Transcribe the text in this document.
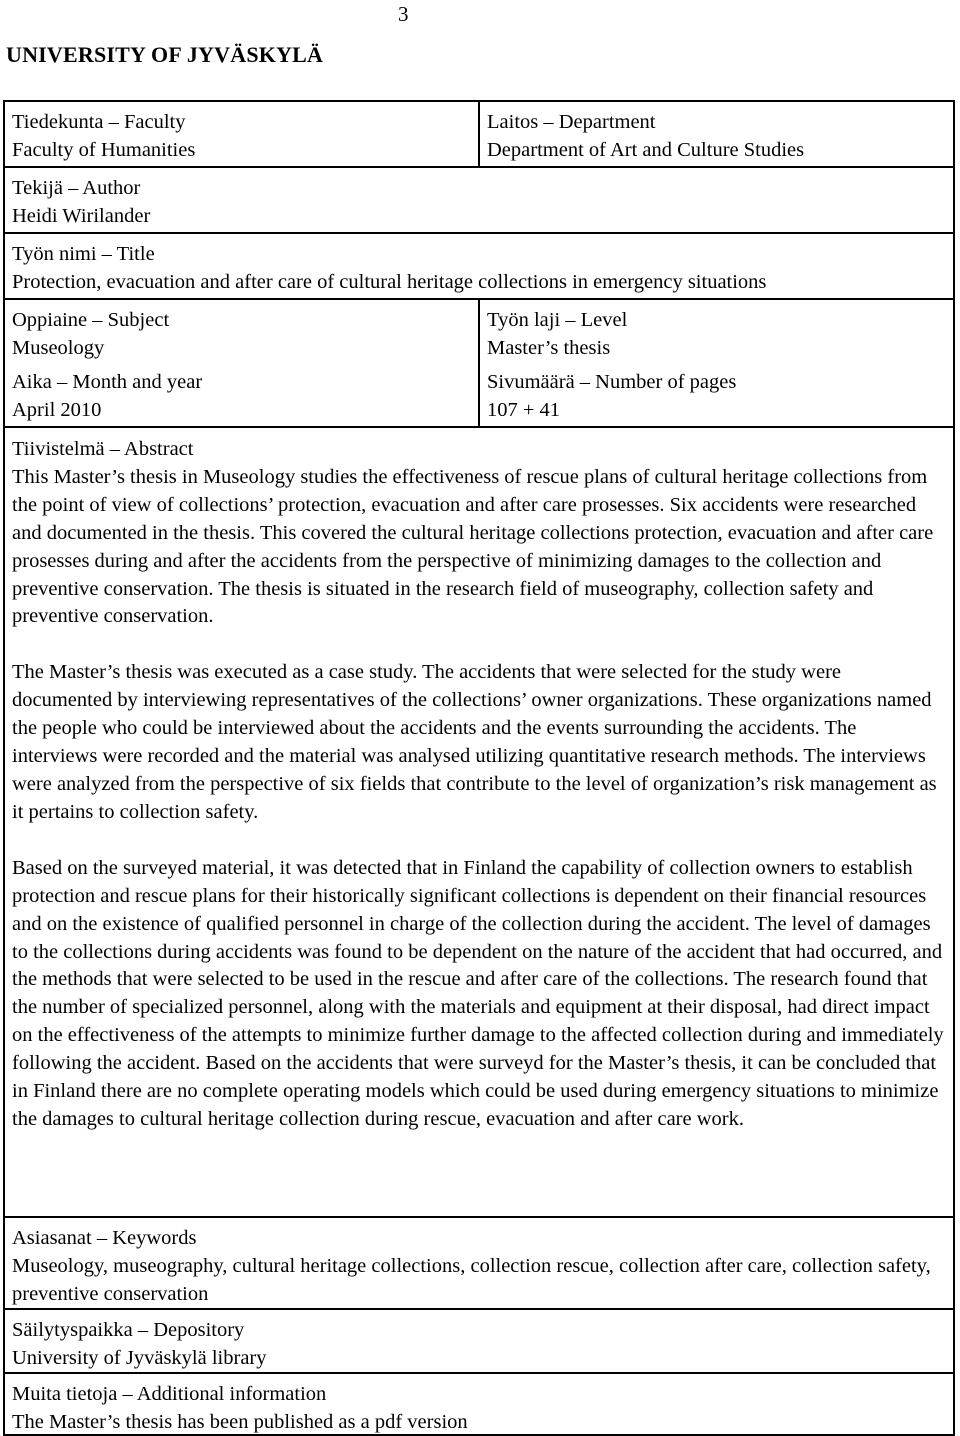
3
UNIVERSITY OF JYVÄSKYLÄ
Tiedekunta – Faculty
Faculty of Humanities
Laitos – Department
Department of Art and Culture Studies
Tekijä – Author
Heidi Wirilander
Työn nimi – Title
Protection, evacuation and after care of cultural heritage collections in emergency situations
Oppiaine – Subject
Museology
Aika – Month and year
April 2010
Työn laji – Level
Master’s thesis
Sivumäärä – Number of pages
107 + 41
Tiivistelmä – Abstract

This Master’s thesis in Museology studies the effectiveness of rescue plans of cultural heritage collections from the point of view of collections’ protection, evacuation and after care prosesses. Six accidents were researched and documented in the thesis. This covered the cultural heritage collections protection, evacuation and after care prosesses during and after the accidents from the perspective of minimizing damages to the collection and preventive conservation. The thesis is situated in the research field of museography, collection safety and preventive conservation.

The Master’s thesis was executed as a case study. The accidents that were selected for the study were documented by interviewing representatives of the collections’ owner organizations. These organizations named the people who could be interviewed about the accidents and the events surrounding the accidents. The interviews were recorded and the material was analysed utilizing quantitative research methods. The interviews were analyzed from the perspective of six fields that contribute to the level of organization’s risk management as it pertains to collection safety.

Based on the surveyed material, it was detected that in Finland the capability of collection owners to establish protection and rescue plans for their historically significant collections is dependent on their financial resources and on the existence of qualified personnel in charge of the collection during the accident. The level of damages to the collections during accidents was found to be dependent on the nature of the accident that had occurred, and the methods that were selected to be used in the rescue and after care of the collections. The research found that the number of specialized personnel, along with the materials and equipment at their disposal, had direct impact on the effectiveness of the attempts to minimize further damage to the affected collection during and immediately following the accident. Based on the accidents that were surveyd for the Master’s thesis, it can be concluded that in Finland there are no complete operating models which could be used during emergency situations to minimize the damages to cultural heritage collection during rescue, evacuation and after care work.

Asiasanat – Keywords
Museology, museography, cultural heritage collections, collection rescue, collection after care, collection safety, preventive conservation
Säilytyspaikka – Depository
University of Jyväskylä library
Muita tietoja – Additional information
The Master’s thesis has been published as a pdf version
